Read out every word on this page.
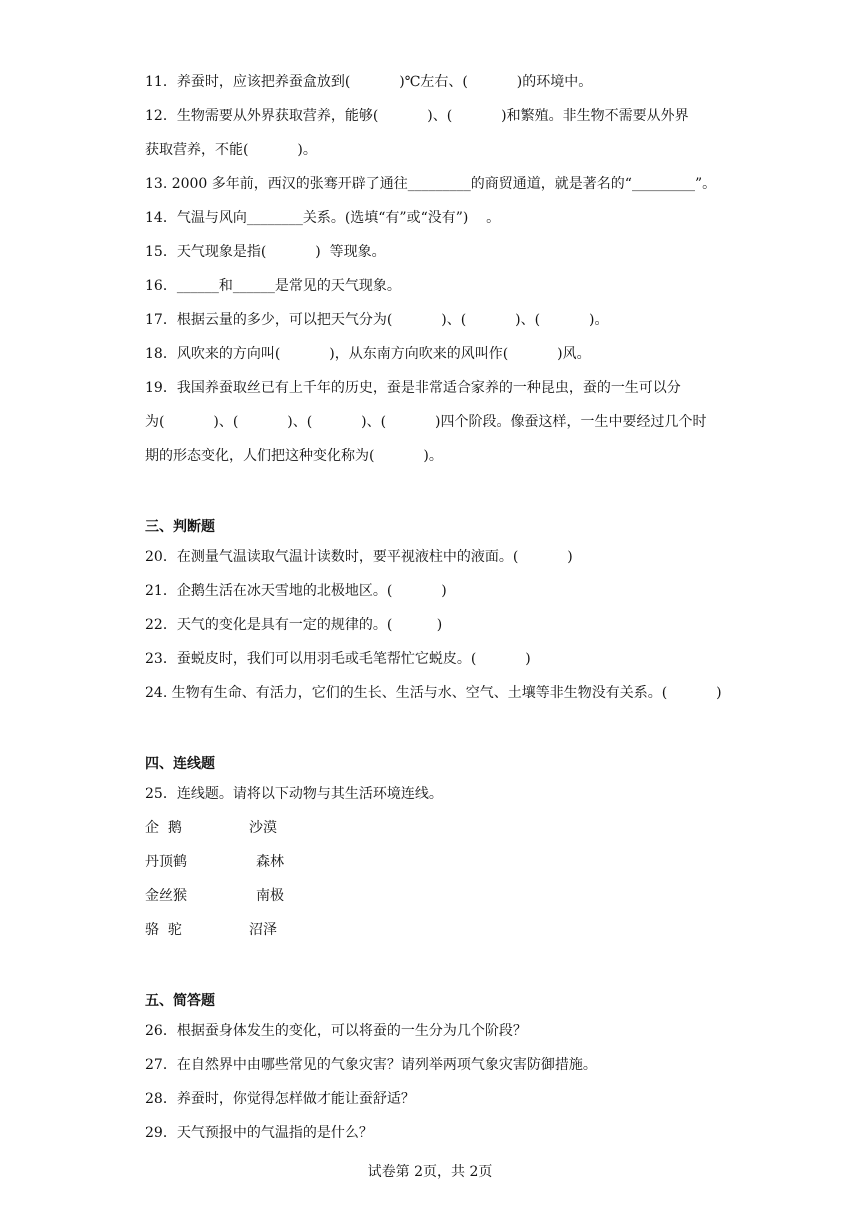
11．养蚕时，应该把养蚕盒放到(           )℃左右、(           )的环境中。
12．生物需要从外界获取营养，能够(           )、(           )和繁殖。非生物不需要从外界
获取营养，不能(           )。
13. 2000 多年前，西汉的张骞开辟了通往_________的商贸通道，就是著名的“_________”。
14．气温与风向________关系。(选填“有”或“没有”)    。
15．天气现象是指(           )  等现象。
16．______和______是常见的天气现象。
17．根据云量的多少，可以把天气分为(           )、(           )、(           )。
18．风吹来的方向叫(           )，从东南方向吹来的风叫作(           )风。
19．我国养蚕取丝已有上千年的历史，蚕是非常适合家养的一种昆虫，蚕的一生可以分
为(           )、(           )、(           )、(           )四个阶段。像蚕这样，一生中要经过几个时
期的形态变化，人们把这种变化称为(           )。
三、判断题
20．在测量气温读取气温计读数时，要平视液柱中的液面。(           )
21．企鹅生活在冰天雪地的北极地区。(           )
22．天气的变化是具有一定的规律的。(          )
23．蚕蜕皮时，我们可以用羽毛或毛笔帮忙它蜕皮。(           )
24. 生物有生命、有活力，它们的生长、生活与水、空气、土壤等非生物没有关系。(           )
四、连线题
25．连线题。请将以下动物与其生活环境连线。
企  鹅	沙漠
丹顶鹤	森林
金丝猴	南极
骆  驼	沼泽
五、简答题
26．根据蚕身体发生的变化，可以将蚕的一生分为几个阶段？
27．在自然界中由哪些常见的气象灾害？请列举两项气象灾害防御措施。
28．养蚕时，你觉得怎样做才能让蚕舒适？
29．天气预报中的气温指的是什么？
试卷第 2页，共 2页
